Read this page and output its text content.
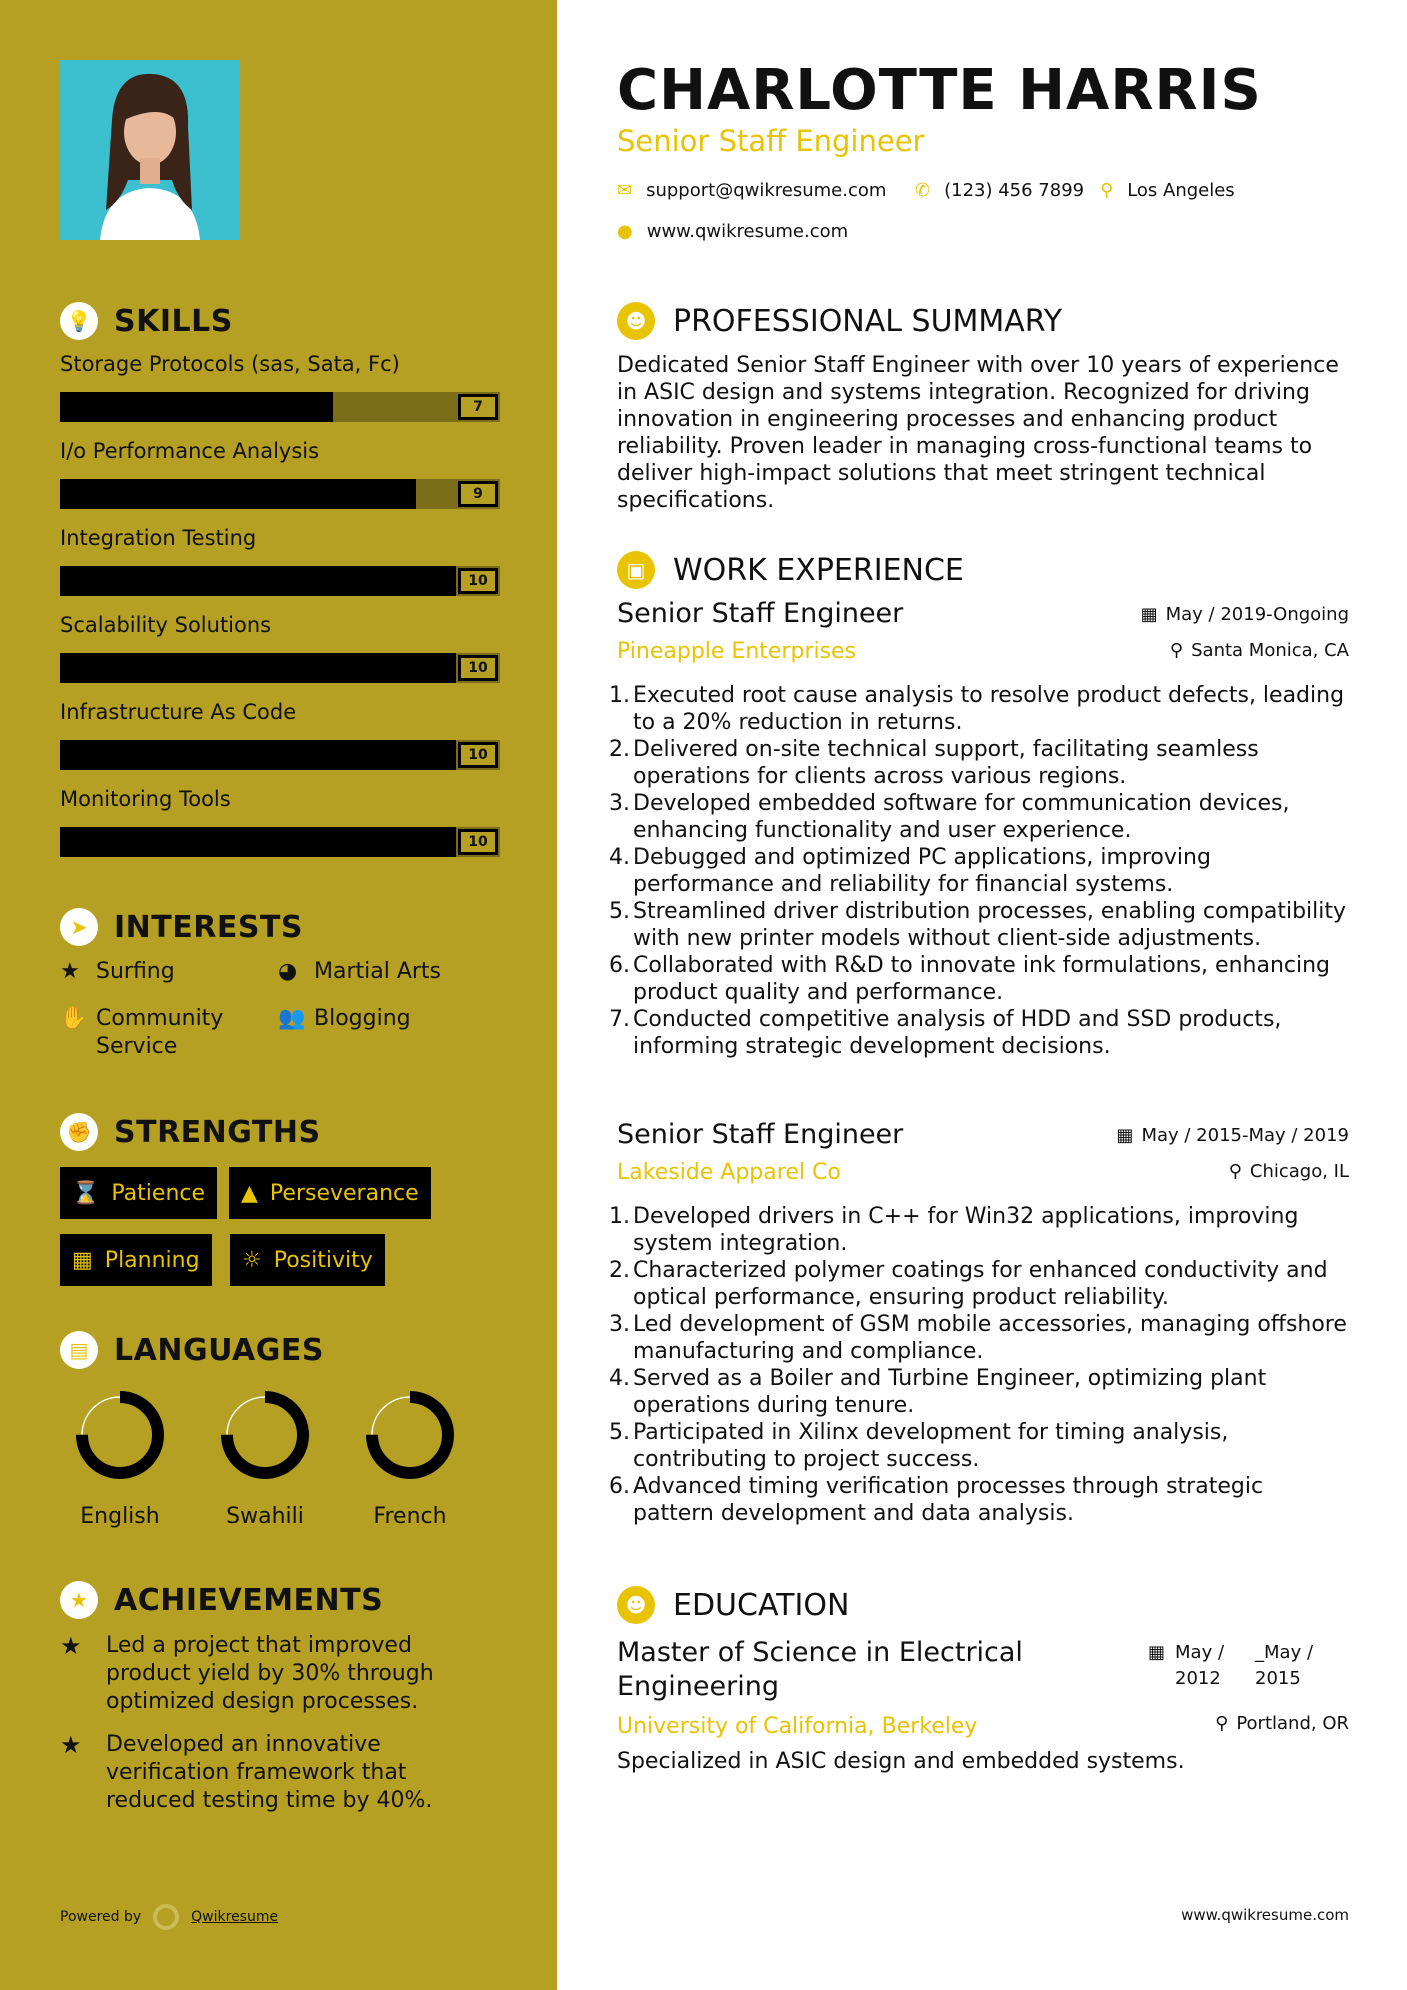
💡 SKILLS
Storage Protocols (sas, Sata, Fc)
7
I/o Performance Analysis
9
Integration Testing
10
Scalability Solutions
10
Infrastructure As Code
10
Monitoring Tools
10
➤ INTERESTS
★ Surfing	◕ Martial Arts
✋ Community Service
👥 Blogging
✊ STRENGTHS
⌛ Patience ▲ Perseverance
▦ Planning ☼ Positivity
▤ LANGUAGES
English	Swahili	French
★ ACHIEVEMENTS
★	Led a project that improved product yield by 30% through optimized design processes.
★	Developed an innovative verification framework that reduced testing time by 40%.
Powered by	Qwikresume
CHARLOTTE HARRIS
Senior Staff Engineer
✉ support@qwikresume.com ✆ (123) 456 7899 ⚲ Los Angeles
● www.qwikresume.com
☻ PROFESSIONAL SUMMARY
Dedicated Senior Staff Engineer with over 10 years of experience in ASIC design and systems integration. Recognized for driving innovation in engineering processes and enhancing product reliability. Proven leader in managing cross-functional teams to deliver high-impact solutions that meet stringent technical specifications.
▣ WORK EXPERIENCE
Senior Staff Engineer
Pineapple Enterprises
▦ May / 2019-Ongoing
⚲ Santa Monica, CA
1. Executed root cause analysis to resolve product defects, leading to a 20% reduction in returns.
2. Delivered on-site technical support, facilitating seamless operations for clients across various regions.
3. Developed embedded software for communication devices, enhancing functionality and user experience.
4. Debugged and optimized PC applications, improving performance and reliability for financial systems.
5. Streamlined driver distribution processes, enabling compatibility with new printer models without client-side adjustments.
6. Collaborated with R&D to innovate ink formulations, enhancing product quality and performance.
7. Conducted competitive analysis of HDD and SSD products, informing strategic development decisions.
Senior Staff Engineer
Lakeside Apparel Co
▦ May / 2015-May / 2019
⚲ Chicago, IL
1. Developed drivers in C++ for Win32 applications, improving system integration.
2. Characterized polymer coatings for enhanced conductivity and optical performance, ensuring product reliability.
3. Led development of GSM mobile accessories, managing offshore manufacturing and compliance.
4. Served as a Boiler and Turbine Engineer, optimizing plant operations during tenure.
5. Participated in Xilinx development for timing analysis, contributing to project success.
6. Advanced timing verification processes through strategic pattern development and data analysis.
☻ EDUCATION
Master of Science in Electrical Engineering
▦ May / 2012
_May / 2015
University of California, Berkeley	⚲ Portland, OR
Specialized in ASIC design and embedded systems.
www.qwikresume.com
